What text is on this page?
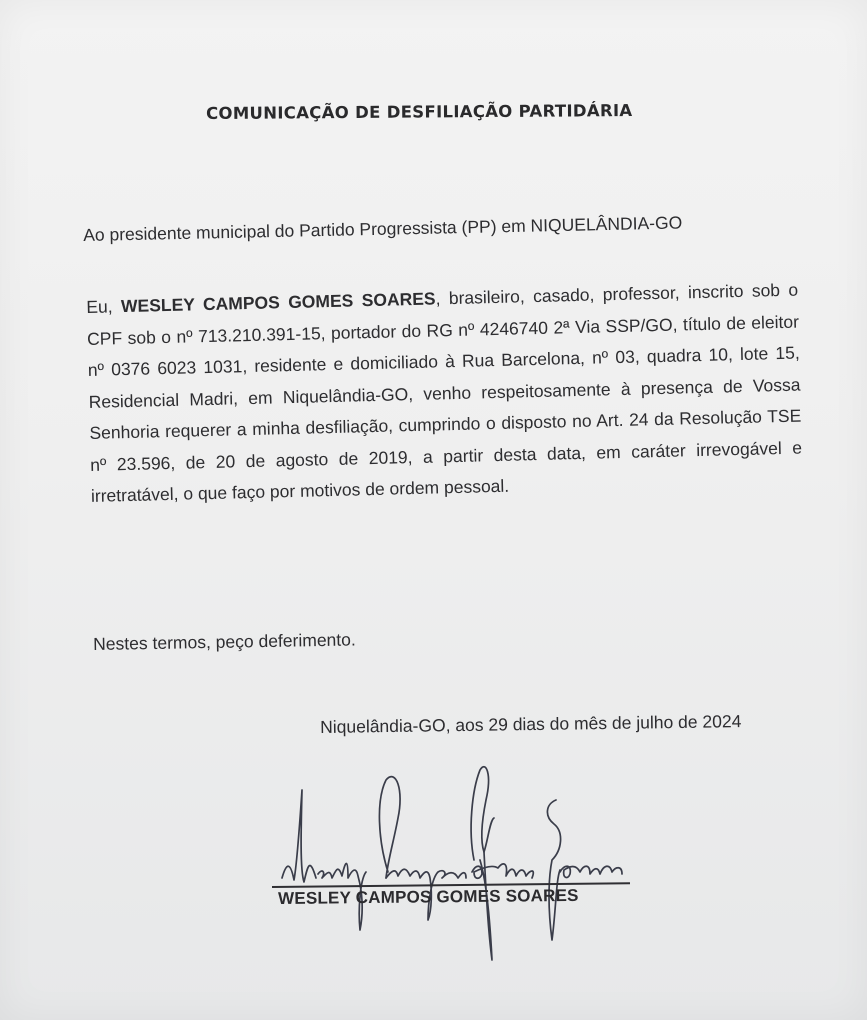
COMUNICAÇÃO DE DESFILIAÇÃO PARTIDÁRIA
Ao presidente municipal do Partido Progressista (PP) em NIQUELÂNDIA-GO
Eu, WESLEY CAMPOS GOMES SOARES, brasileiro, casado, professor, inscrito sob o CPF sob o nº 713.210.391-15, portador do RG nº 4246740 2ª Via SSP/GO, título de eleitor nº 0376 6023 1031, residente e domiciliado à Rua Barcelona, nº 03, quadra 10, lote 15, Residencial Madri, em Niquelândia-GO, venho respeitosamente à presença de Vossa Senhoria requerer a minha desfiliação, cumprindo o disposto no Art. 24 da Resolução TSE nº 23.596, de 20 de agosto de 2019, a partir desta data, em caráter irrevogável e irretratável, o que faço por motivos de ordem pessoal.
Nestes termos, peço deferimento.
Niquelândia-GO, aos 29 dias do mês de julho de 2024
WESLEY CAMPOS GOMES SOARES
